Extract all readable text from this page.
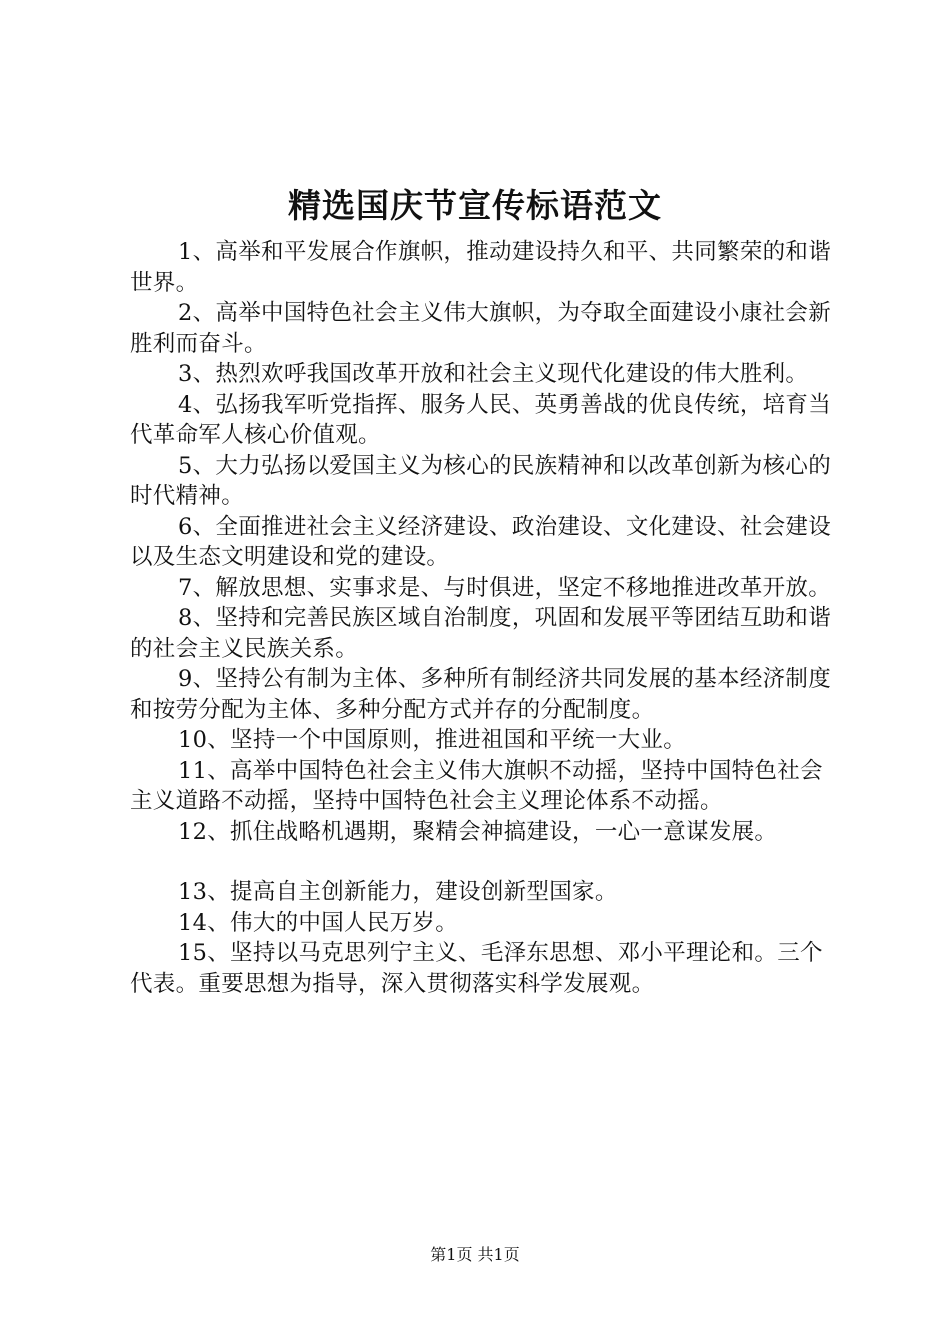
精选国庆节宣传标语范文

1、高举和平发展合作旗帜，推动建设持久和平、共同繁荣的和谐世界。

2、高举中国特色社会主义伟大旗帜，为夺取全面建设小康社会新胜利而奋斗。

3、热烈欢呼我国改革开放和社会主义现代化建设的伟大胜利。

4、弘扬我军听党指挥、服务人民、英勇善战的优良传统，培育当代革命军人核心价值观。

5、大力弘扬以爱国主义为核心的民族精神和以改革创新为核心的时代精神。

6、全面推进社会主义经济建设、政治建设、文化建设、社会建设以及生态文明建设和党的建设。

7、解放思想、实事求是、与时俱进，坚定不移地推进改革开放。

8、坚持和完善民族区域自治制度，巩固和发展平等团结互助和谐的社会主义民族关系。

9、坚持公有制为主体、多种所有制经济共同发展的基本经济制度和按劳分配为主体、多种分配方式并存的分配制度。

10、坚持一个中国原则，推进祖国和平统一大业。

11、高举中国特色社会主义伟大旗帜不动摇，坚持中国特色社会主义道路不动摇，坚持中国特色社会主义理论体系不动摇。

12、抓住战略机遇期，聚精会神搞建设，一心一意谋发展。

13、提高自主创新能力，建设创新型国家。

14、伟大的中国人民万岁。

15、坚持以马克思列宁主义、毛泽东思想、邓小平理论和。三个代表。重要思想为指导，深入贯彻落实科学发展观。

第1页 共1页
